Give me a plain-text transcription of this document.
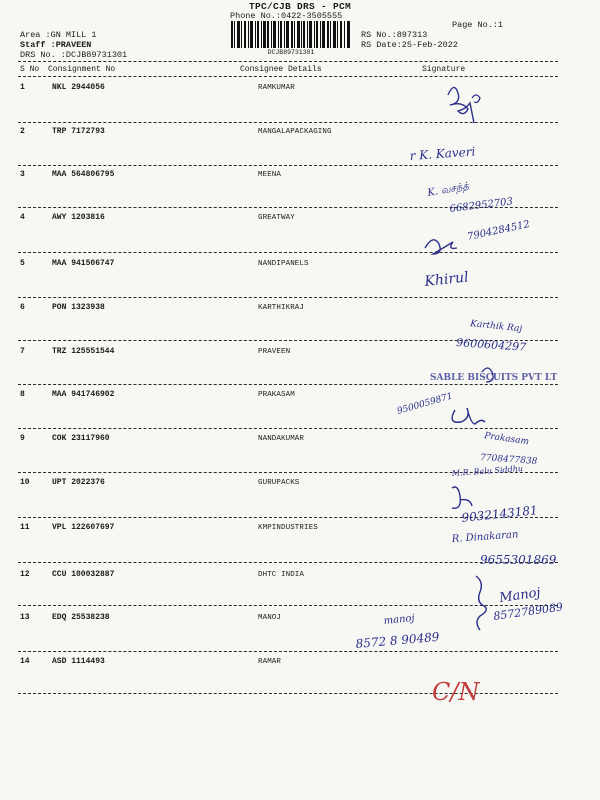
TPC/CJB DRS - PCM
Phone No.:0422-3505555
Page No.:1
DCJB89731301
Area :GN MILL 1
Staff :PRAVEEN
DRS No. :DCJB89731301
RS No.:897313
RS Date:25-Feb-2022
S No Consignment No	Consignee Details	Signature
1	NKL 2944056	RAMKUMAR
2	TRP 7172793	MANGALAPACKAGING
3	MAA 564806795	MEENA
4	AWY 1203816	GREATWAY
5	MAA 941506747	NANDIPANELS
6	PON 1323938	KARTHIKRAJ
7	TRZ 125551544	PRAVEEN
8	MAA 941746902	PRAKASAM
9	COK 23117960	NANDAKUMAR
10	UPT 2022376	GURUPACKS
11	VPL 122607697	KMPINDUSTRIES
12	CCU 100032887	DHTC INDIA
13	EDQ 25538238	MANOJ
14	ASD 1114493	RAMAR
r K. Kaveri
K. வசந்த்
6682952703
7904284512
Khirul
Karthik Raj
9600604297
SABLE BISCUITS PVT LT
9500059871
Prakasam
7708477838
M.R. Balu Siddhu
9032143181
R. Dinakaran
9655301869
Manoj
8572789089
manoj
8572 8 90489
C/N
